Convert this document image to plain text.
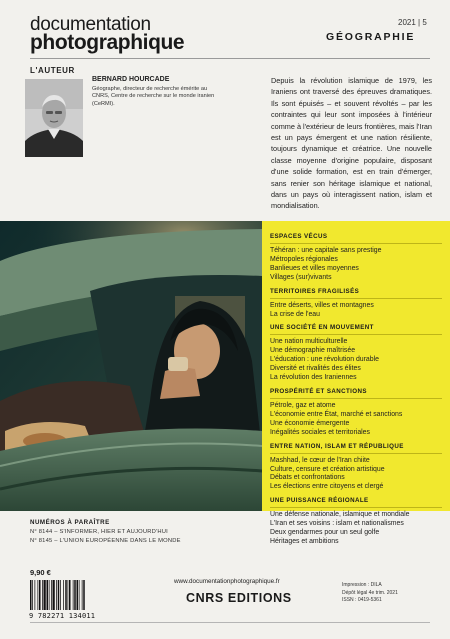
documentation
photographique
2021 | 5
GÉOGRAPHIE
L'AUTEUR
BERNARD HOURCADE
Géographe, directeur de recherche émérite au CNRS, Centre de recherche sur le monde iranien (CeRMI).
Depuis la révolution islamique de 1979, les Iraniens ont traversé des épreuves dramatiques. Ils sont épuisés – et souvent révoltés – par les contraintes qui leur sont imposées à l'intérieur comme à l'extérieur de leurs frontières, mais l'Iran est un pays émergent et une nation résiliente, toujours dynamique et créatrice. Une nouvelle classe moyenne d'origine populaire, disposant d'une solide formation, est en train d'émerger, sans renier son héritage islamique et national, dans un pays où interagissent nation, islam et mondialisation.
ESPACES VÉCUS
Téhéran : une capitale sans prestige
Métropoles régionales
Banlieues et villes moyennes
Villages (sur)vivants
TERRITOIRES FRAGILISÉS
Entre déserts, villes et montagnes
La crise de l'eau
UNE SOCIÉTÉ EN MOUVEMENT
Une nation multiculturelle
Une démographie maîtrisée
L'éducation : une révolution durable
Diversité et rivalités des élites
La révolution des Iraniennes
PROSPÉRITÉ ET SANCTIONS
Pétrole, gaz et atome
L'économie entre État, marché et sanctions
Une économie émergente
Inégalités sociales et territoriales
ENTRE NATION, ISLAM ET RÉPUBLIQUE
Mashhad, le cœur de l'Iran chiite
Culture, censure et création artistique
Débats et confrontations
Les élections entre citoyens et clergé
UNE PUISSANCE RÉGIONALE
Une défense nationale, islamique et mondiale
L'Iran et ses voisins : islam et nationalismes
Deux gendarmes pour un seul golfe
Héritages et ambitions
NUMÉROS À PARAÎTRE
N° 8144 – S'INFORMER, HIER ET AUJOURD'HUI
N° 8145 – L'UNION EUROPÉENNE DANS LE MONDE
9,90 €
9 782271 134011
www.documentationphotographique.fr
CNRS EDITIONS
Impression : DILA
Dépôt légal 4e trim. 2021
ISSN : 0419-5361
